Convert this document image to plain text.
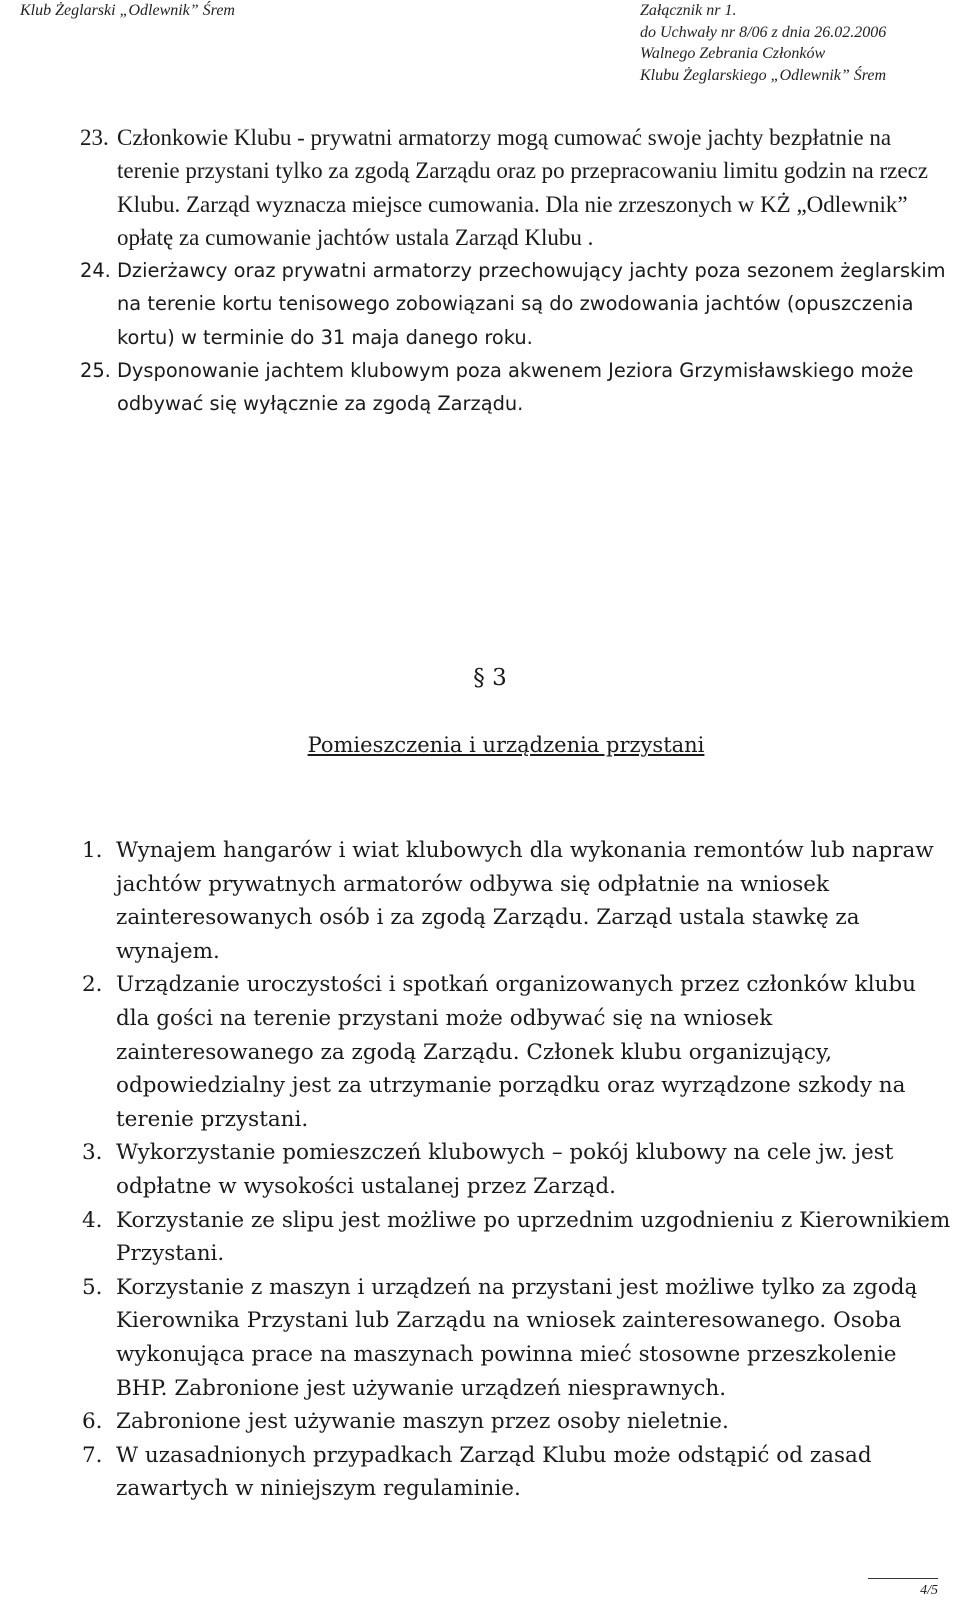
Klub Żeglarski „Odlewnik” Śrem	Załącznik nr 1.
do Uchwały nr 8/06 z dnia 26.02.2006
Walnego Zebrania Członków
Klubu Żeglarskiego „Odlewnik” Śrem
23. Członkowie Klubu - prywatni armatorzy mogą cumować swoje jachty bezpłatnie na terenie przystani tylko za zgodą Zarządu oraz po przepracowaniu limitu godzin na rzecz Klubu. Zarząd wyznacza miejsce cumowania. Dla nie zrzeszonych w KŻ „Odlewnik” opłatę za cumowanie jachtów ustala Zarząd Klubu .
24. Dzierżawcy oraz prywatni armatorzy przechowujący jachty poza sezonem żeglarskim na terenie kortu tenisowego zobowiązani są do zwodowania jachtów (opuszczenia kortu) w terminie do 31 maja danego roku.
25. Dysponowanie jachtem klubowym poza akwenem Jeziora Grzymisławskiego może odbywać się wyłącznie za zgodą Zarządu.
§ 3
Pomieszczenia i urządzenia przystani
1. Wynajem hangarów i wiat klubowych dla wykonania remontów lub napraw jachtów prywatnych armatorów odbywa się odpłatnie na wniosek zainteresowanych osób i za zgodą Zarządu. Zarząd ustala stawkę za wynajem.
2. Urządzanie uroczystości i spotkań organizowanych przez członków klubu dla gości na terenie przystani może odbywać się na wniosek zainteresowanego za zgodą Zarządu. Członek klubu organizujący, odpowiedzialny jest za utrzymanie porządku oraz wyrządzone szkody na terenie przystani.
3. Wykorzystanie pomieszczeń klubowych – pokój klubowy na cele jw. jest odpłatne w wysokości ustalanej przez Zarząd.
4. Korzystanie ze slipu jest możliwe po uprzednim uzgodnieniu z Kierownikiem Przystani.
5. Korzystanie z maszyn i urządzeń na przystani jest możliwe tylko za zgodą Kierownika Przystani lub Zarządu na wniosek zainteresowanego. Osoba wykonująca prace na maszynach powinna mieć stosowne przeszkolenie BHP. Zabronione jest używanie urządzeń niesprawnych.
6. Zabronione jest używanie maszyn przez osoby nieletnie.
7. W uzasadnionych przypadkach Zarząd Klubu może odstąpić od zasad zawartych w niniejszym regulaminie.
4/5
